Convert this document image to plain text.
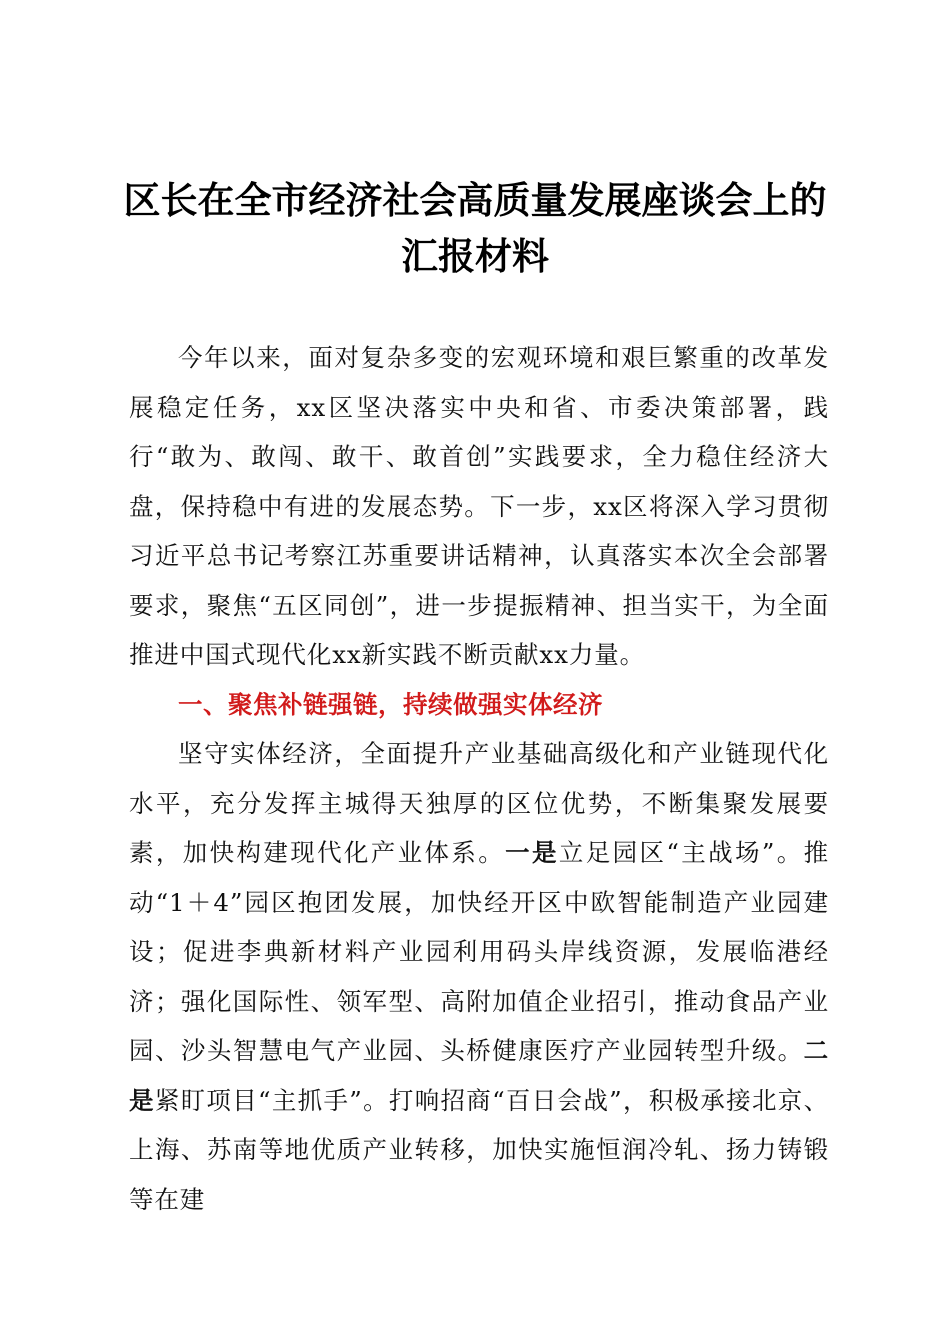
区长在全市经济社会高质量发展座谈会上的汇报材料

今年以来，面对复杂多变的宏观环境和艰巨繁重的改革发展稳定任务，xx区坚决落实中央和省、市委决策部署，践行“敢为、敢闯、敢干、敢首创”实践要求，全力稳住经济大盘，保持稳中有进的发展态势。下一步，xx区将深入学习贯彻习近平总书记考察江苏重要讲话精神，认真落实本次全会部署要求，聚焦“五区同创”，进一步提振精神、担当实干，为全面推进中国式现代化xx新实践不断贡献xx力量。

一、聚焦补链强链，持续做强实体经济

坚守实体经济，全面提升产业基础高级化和产业链现代化水平，充分发挥主城得天独厚的区位优势，不断集聚发展要素，加快构建现代化产业体系。一是立足园区“主战场”。推动“1＋4”园区抱团发展，加快经开区中欧智能制造产业园建设；促进李典新材料产业园利用码头岸线资源，发展临港经济；强化国际性、领军型、高附加值企业招引，推动食品产业园、沙头智慧电气产业园、头桥健康医疗产业园转型升级。二是紧盯项目“主抓手”。打响招商“百日会战”，积极承接北京、上海、苏南等地优质产业转移，加快实施恒润冷轧、扬力铸锻等在建
